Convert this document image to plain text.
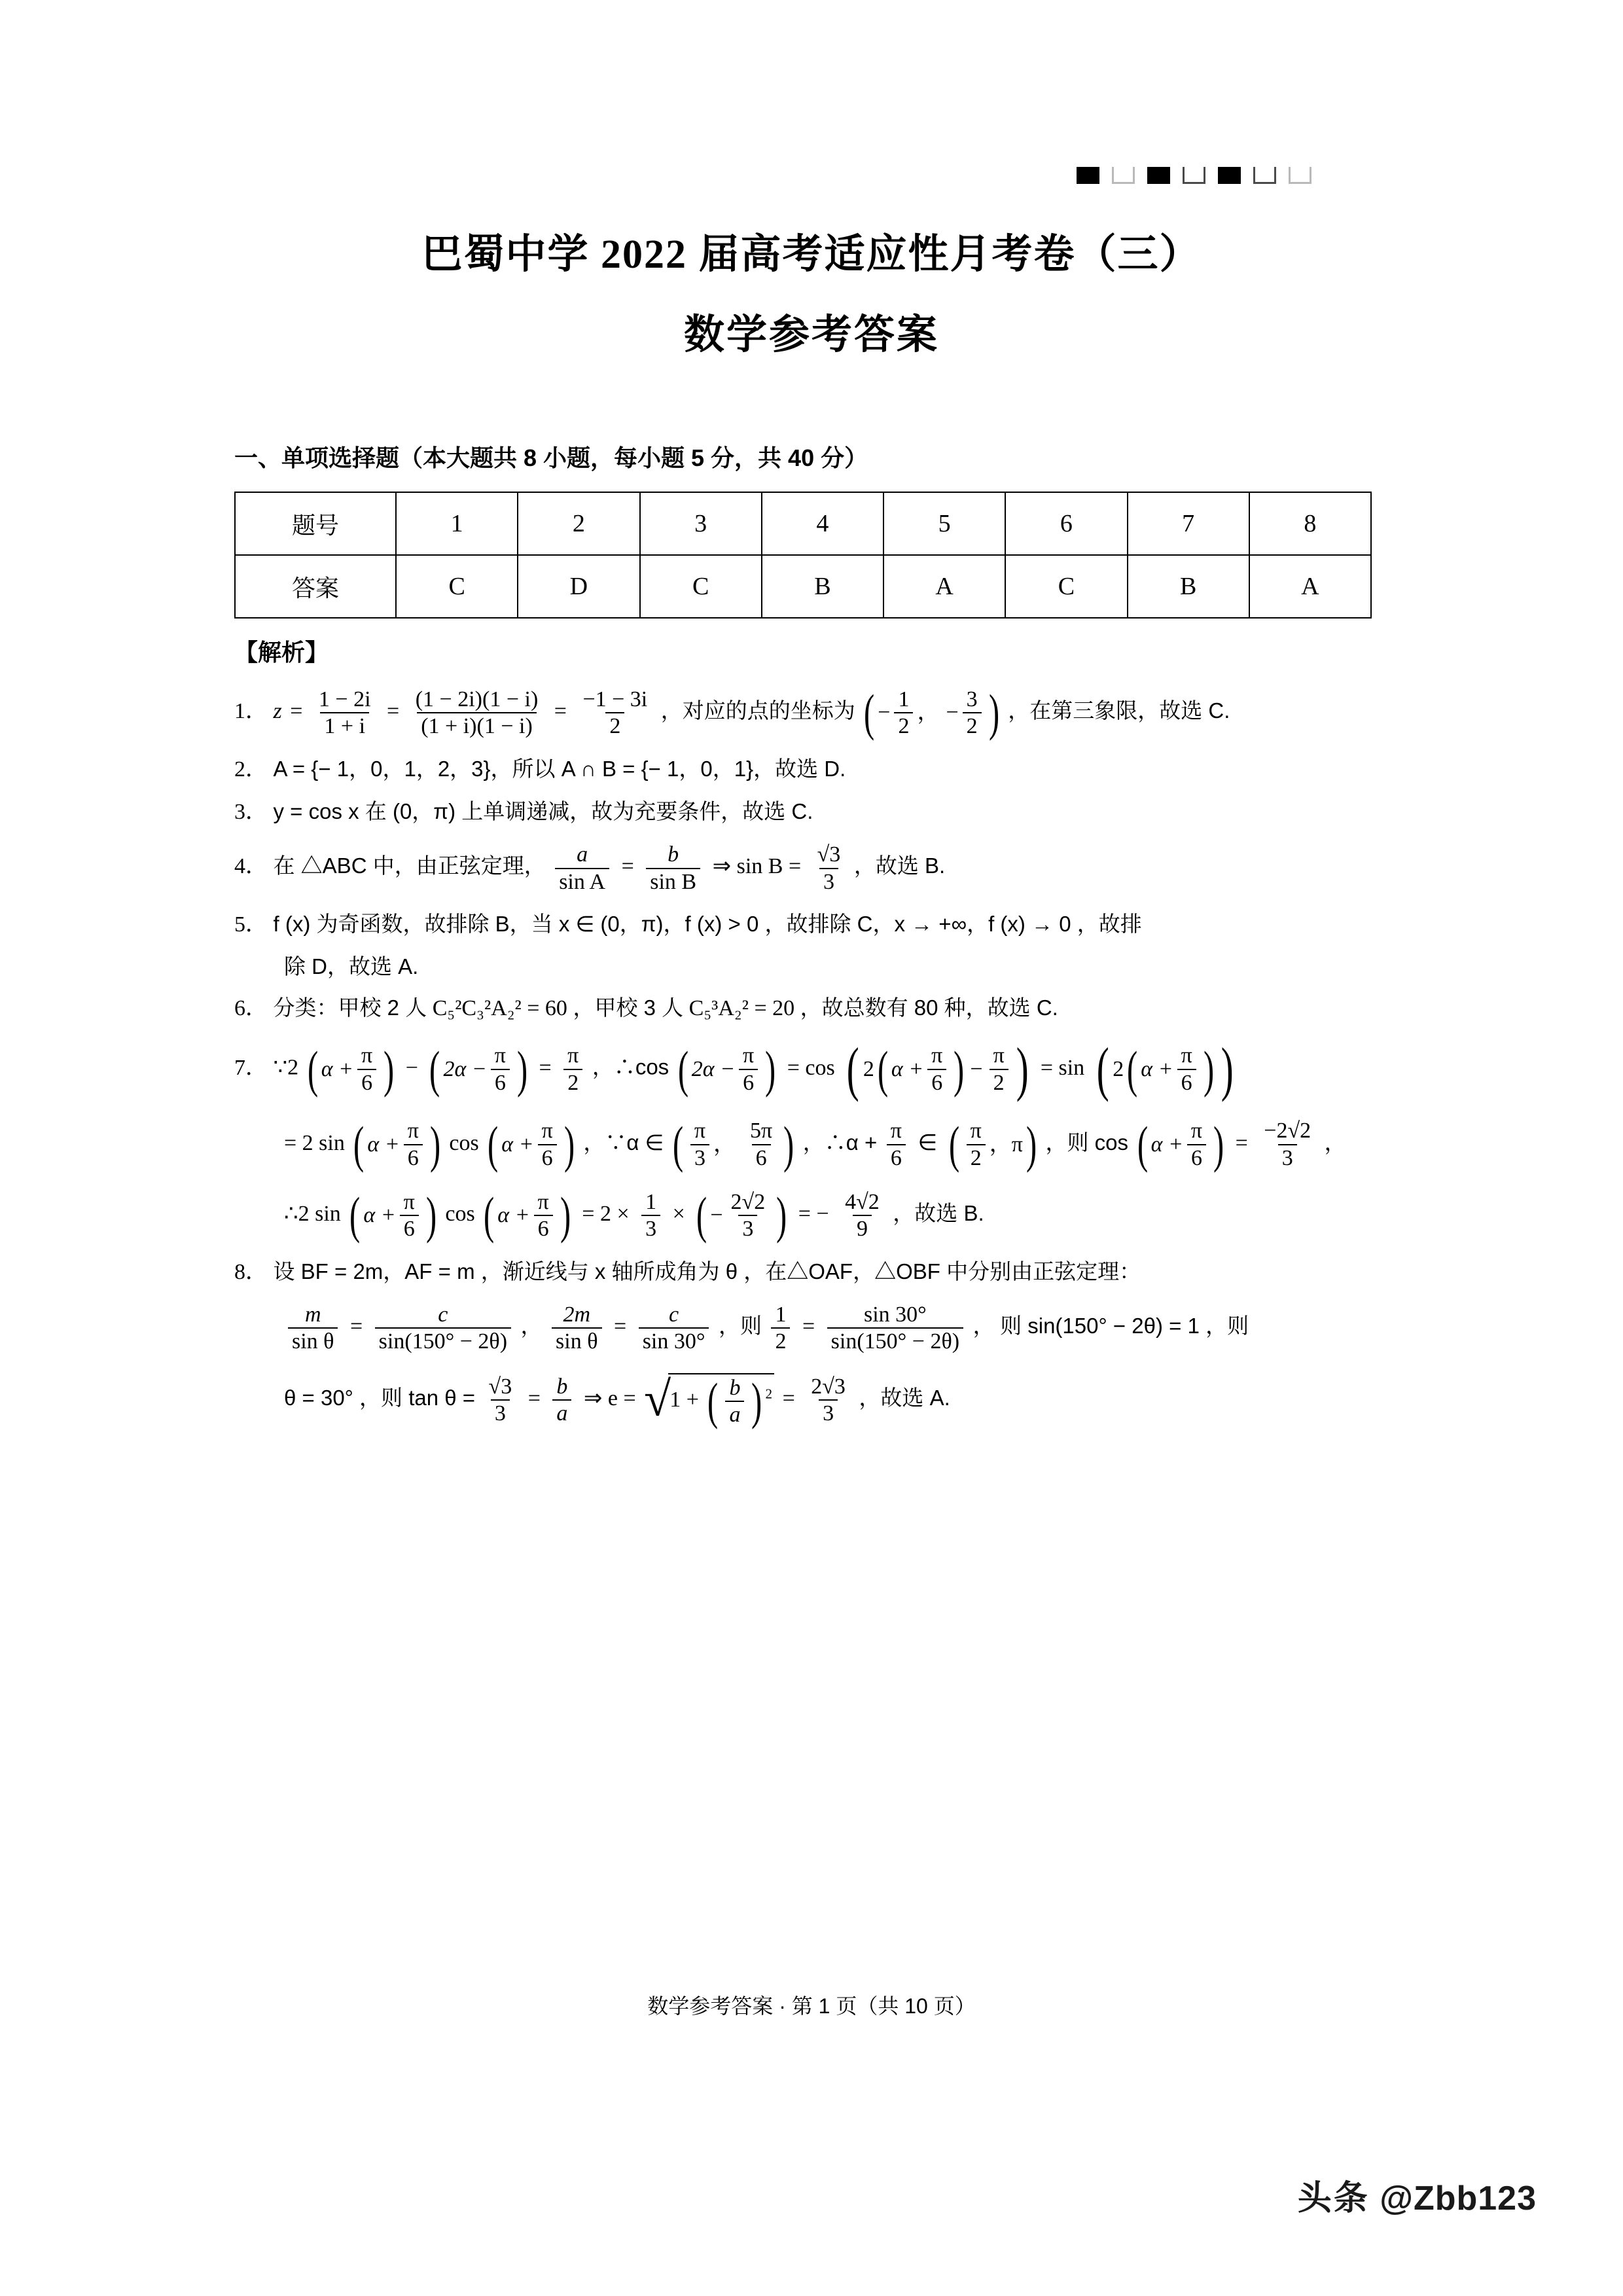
巴蜀中学 2022 届高考适应性月考卷（三）
数学参考答案
一、单项选择题（本大题共 8 小题，每小题 5 分，共 40 分）
题号	1	2	3	4	5	6	7	8
答案	C	D	C	B	A	C	B	A
【解析】
1． $z = \frac{1 - 2i}{1 + i} = \frac{(1 - 2i)(1 - i)}{(1 + i)(1 - i)} = \frac{-1 - 3i}{2}$ ，对应的点的坐标为 ( − $\frac{1}{2}$ ， − $\frac{3}{2}$ ) ，在第三象限，故选 C.
2． A = {− 1，0，1，2，3}，所以 A ∩ B = {− 1，0，1}，故选 D.
3． y = cos x 在 (0，π) 上单调递减，故为充要条件，故选 C.
4． 在 △ABC 中，由正弦定理， $\frac{a}{\text{sin A}} = \frac{b}{\text{sin B}}$ ⇒ $\sin B = \frac{√3}{3}$ ，故选 B.
5． f (x) 为奇函数，故排除 B，当 x ∈ (0，π)，f (x) > 0 ，故排除 C，x → +∞，f (x) → 0 ，故排
除 D，故选 A.
6． 分类：甲校 2 人 C₅²C₃²A₂² = 60 ，甲校 3 人 C₅³A₂² = 20 ，故总数有 80 种，故选 C.
7． ∵2 ( $\alpha + \frac{\pi}{6}$ ) − ( $2\alpha - \frac{\pi}{6}$ ) = $\frac{\pi}{2}$ ，∴cos ( $2\alpha - \frac{\pi}{6}$ ) = cos ( 2 ( $\alpha + \frac{\pi}{6}$ ) − $\frac{\pi}{2}$ ) = sin ( 2 ( $\alpha + \frac{\pi}{6}$ ) )
= 2 sin ( $\alpha + \frac{\pi}{6}$ ) cos ( $\alpha + \frac{\pi}{6}$ ) ，∵α ∈ ( $\frac{\pi}{3}$ ， $\frac{5\pi}{6}$ ) ，∴α + $\frac{\pi}{6}$ ∈ ( $\frac{\pi}{2}$ ，π ) ，则 cos ( $\alpha + \frac{\pi}{6}$ ) = $\frac{-2√2}{3}$ ，
∴2 sin ( $\alpha + \frac{\pi}{6}$ ) cos ( $\alpha + \frac{\pi}{6}$ ) = $2 \times \frac{1}{3}$ × ( − $\frac{2√2}{3}$ ) = − $\frac{4√2}{9}$ ，故选 B.
8． 设 BF = 2m，AF = m ，渐近线与 x 轴所成角为 θ ，在△OAF，△OBF 中分别由正弦定理：
$\frac{m}{\text{sin θ}} = \frac{c}{\sin(150^\circ - 2\theta)}$ ， $\frac{2m}{\text{sin θ}} = \frac{c}{\sin 30^\circ}$ ，则 $\frac{1}{2} = \frac{\sin 30^\circ}{\sin(150^\circ - 2\theta)}$ ， 则 sin(150° − 2θ) = 1 ，则
θ = 30° ，则 $\tan \theta = \frac{√3}{3} = \frac{b}{a}$ ⇒ e = √1 + ( $\frac{b}{a}$ ) $^2 = \frac{2√3}{3}$ ，故选 A.
数学参考答案 · 第 1 页（共 10 页）
头条 @Zbb123
